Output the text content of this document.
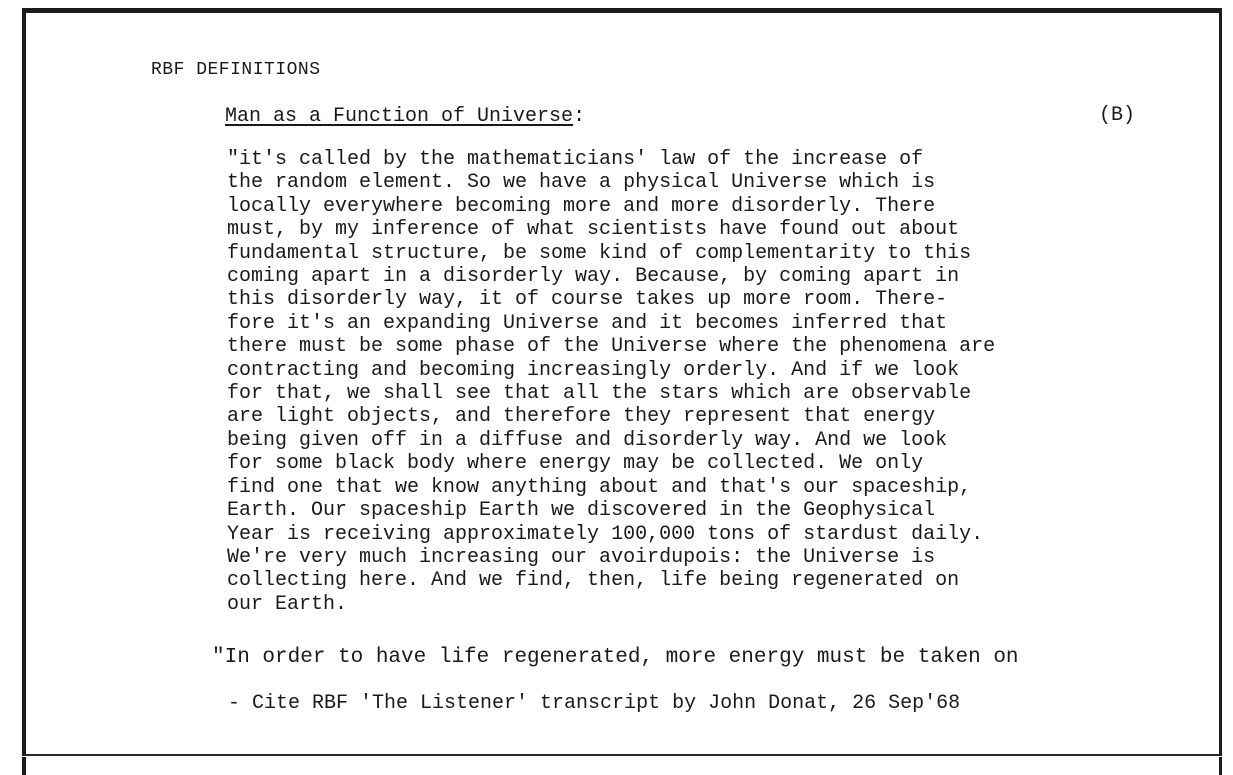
RBF DEFINITIONS
Man as a Function of Universe:	(B)
"it's called by the mathematicians' law of the increase of
the random element. So we have a physical Universe which is
locally everywhere becoming more and more disorderly. There
must, by my inference of what scientists have found out about
fundamental structure, be some kind of complementarity to this
coming apart in a disorderly way. Because, by coming apart in
this disorderly way, it of course takes up more room. There-
fore it's an expanding Universe and it becomes inferred that
there must be some phase of the Universe where the phenomena are
contracting and becoming increasingly orderly. And if we look
for that, we shall see that all the stars which are observable
are light objects, and therefore they represent that energy
being given off in a diffuse and disorderly way. And we look
for some black body where energy may be collected. We only
find one that we know anything about and that's our spaceship,
Earth. Our spaceship Earth we discovered in the Geophysical
Year is receiving approximately 100,000 tons of stardust daily.
We're very much increasing our avoirdupois: the Universe is
collecting here. And we find, then, life being regenerated on
our Earth.
"In order to have life regenerated, more energy must be taken on
- Cite RBF 'The Listener' transcript by John Donat, 26 Sep'68
